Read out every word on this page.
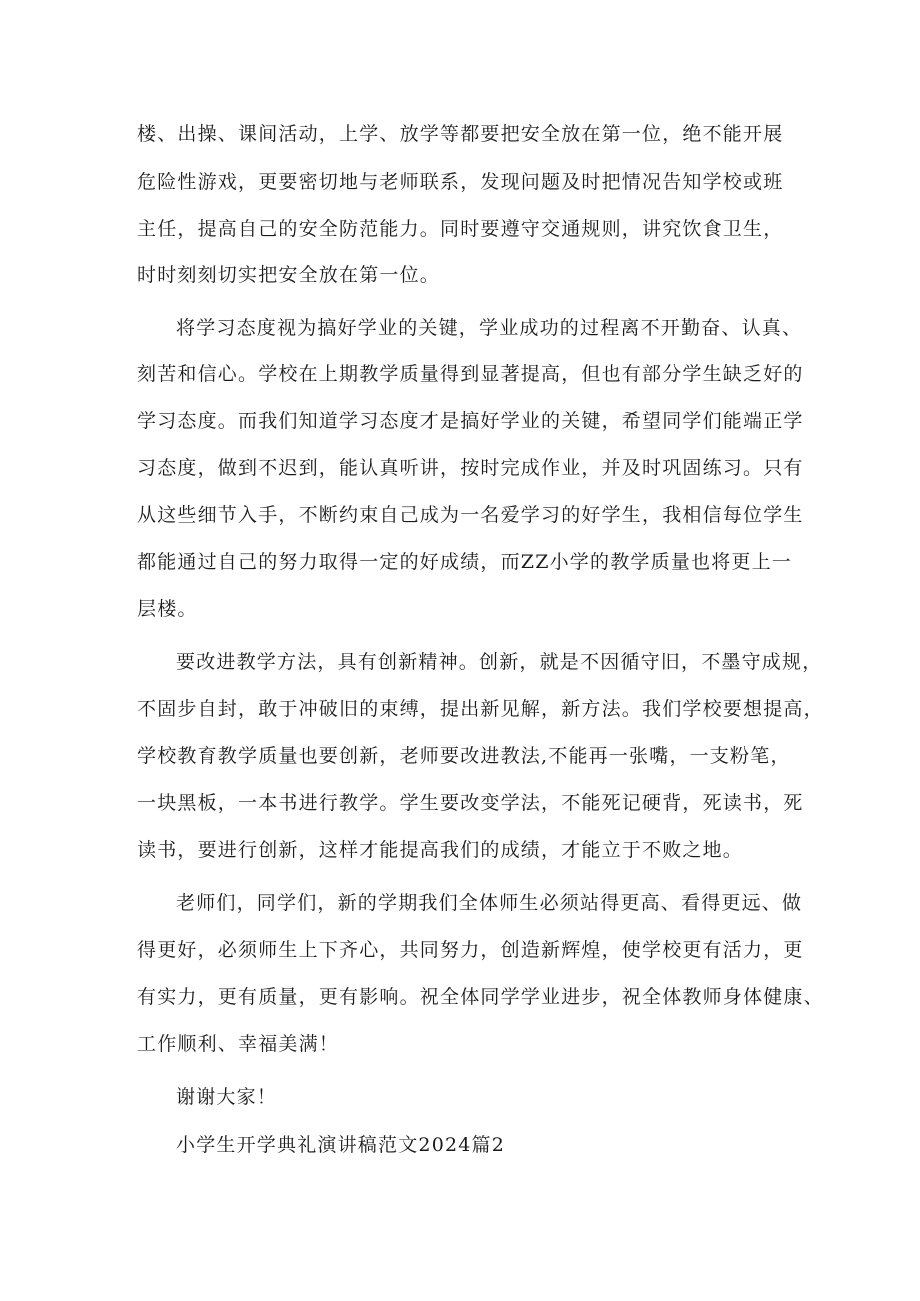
楼、出操、课间活动，上学、放学等都要把安全放在第一位，绝不能开展
危险性游戏，更要密切地与老师联系，发现问题及时把情况告知学校或班
主任，提高自己的安全防范能力。同时要遵守交通规则，讲究饮食卫生，
时时刻刻切实把安全放在第一位。
将学习态度视为搞好学业的关键，学业成功的过程离不开勤奋、认真、
刻苦和信心。学校在上期教学质量得到显著提高，但也有部分学生缺乏好的
学习态度。而我们知道学习态度才是搞好学业的关键，希望同学们能端正学
习态度，做到不迟到，能认真听讲，按时完成作业，并及时巩固练习。只有
从这些细节入手，不断约束自己成为一名爱学习的好学生，我相信每位学生
都能通过自己的努力取得一定的好成绩，而ZZ小学的教学质量也将更上一
层楼。
要改进教学方法，具有创新精神。创新，就是不因循守旧，不墨守成规，
不固步自封，敢于冲破旧的束缚，提出新见解，新方法。我们学校要想提高，
学校教育教学质量也要创新，老师要改进教法,不能再一张嘴，一支粉笔，
一块黑板，一本书进行教学。学生要改变学法，不能死记硬背，死读书，死
读书，要进行创新，这样才能提高我们的成绩，才能立于不败之地。
老师们，同学们，新的学期我们全体师生必须站得更高、看得更远、做
得更好，必须师生上下齐心，共同努力，创造新辉煌，使学校更有活力，更
有实力，更有质量，更有影响。祝全体同学学业进步，祝全体教师身体健康、
工作顺利、幸福美满！
谢谢大家！
小学生开学典礼演讲稿范文2024篇2
